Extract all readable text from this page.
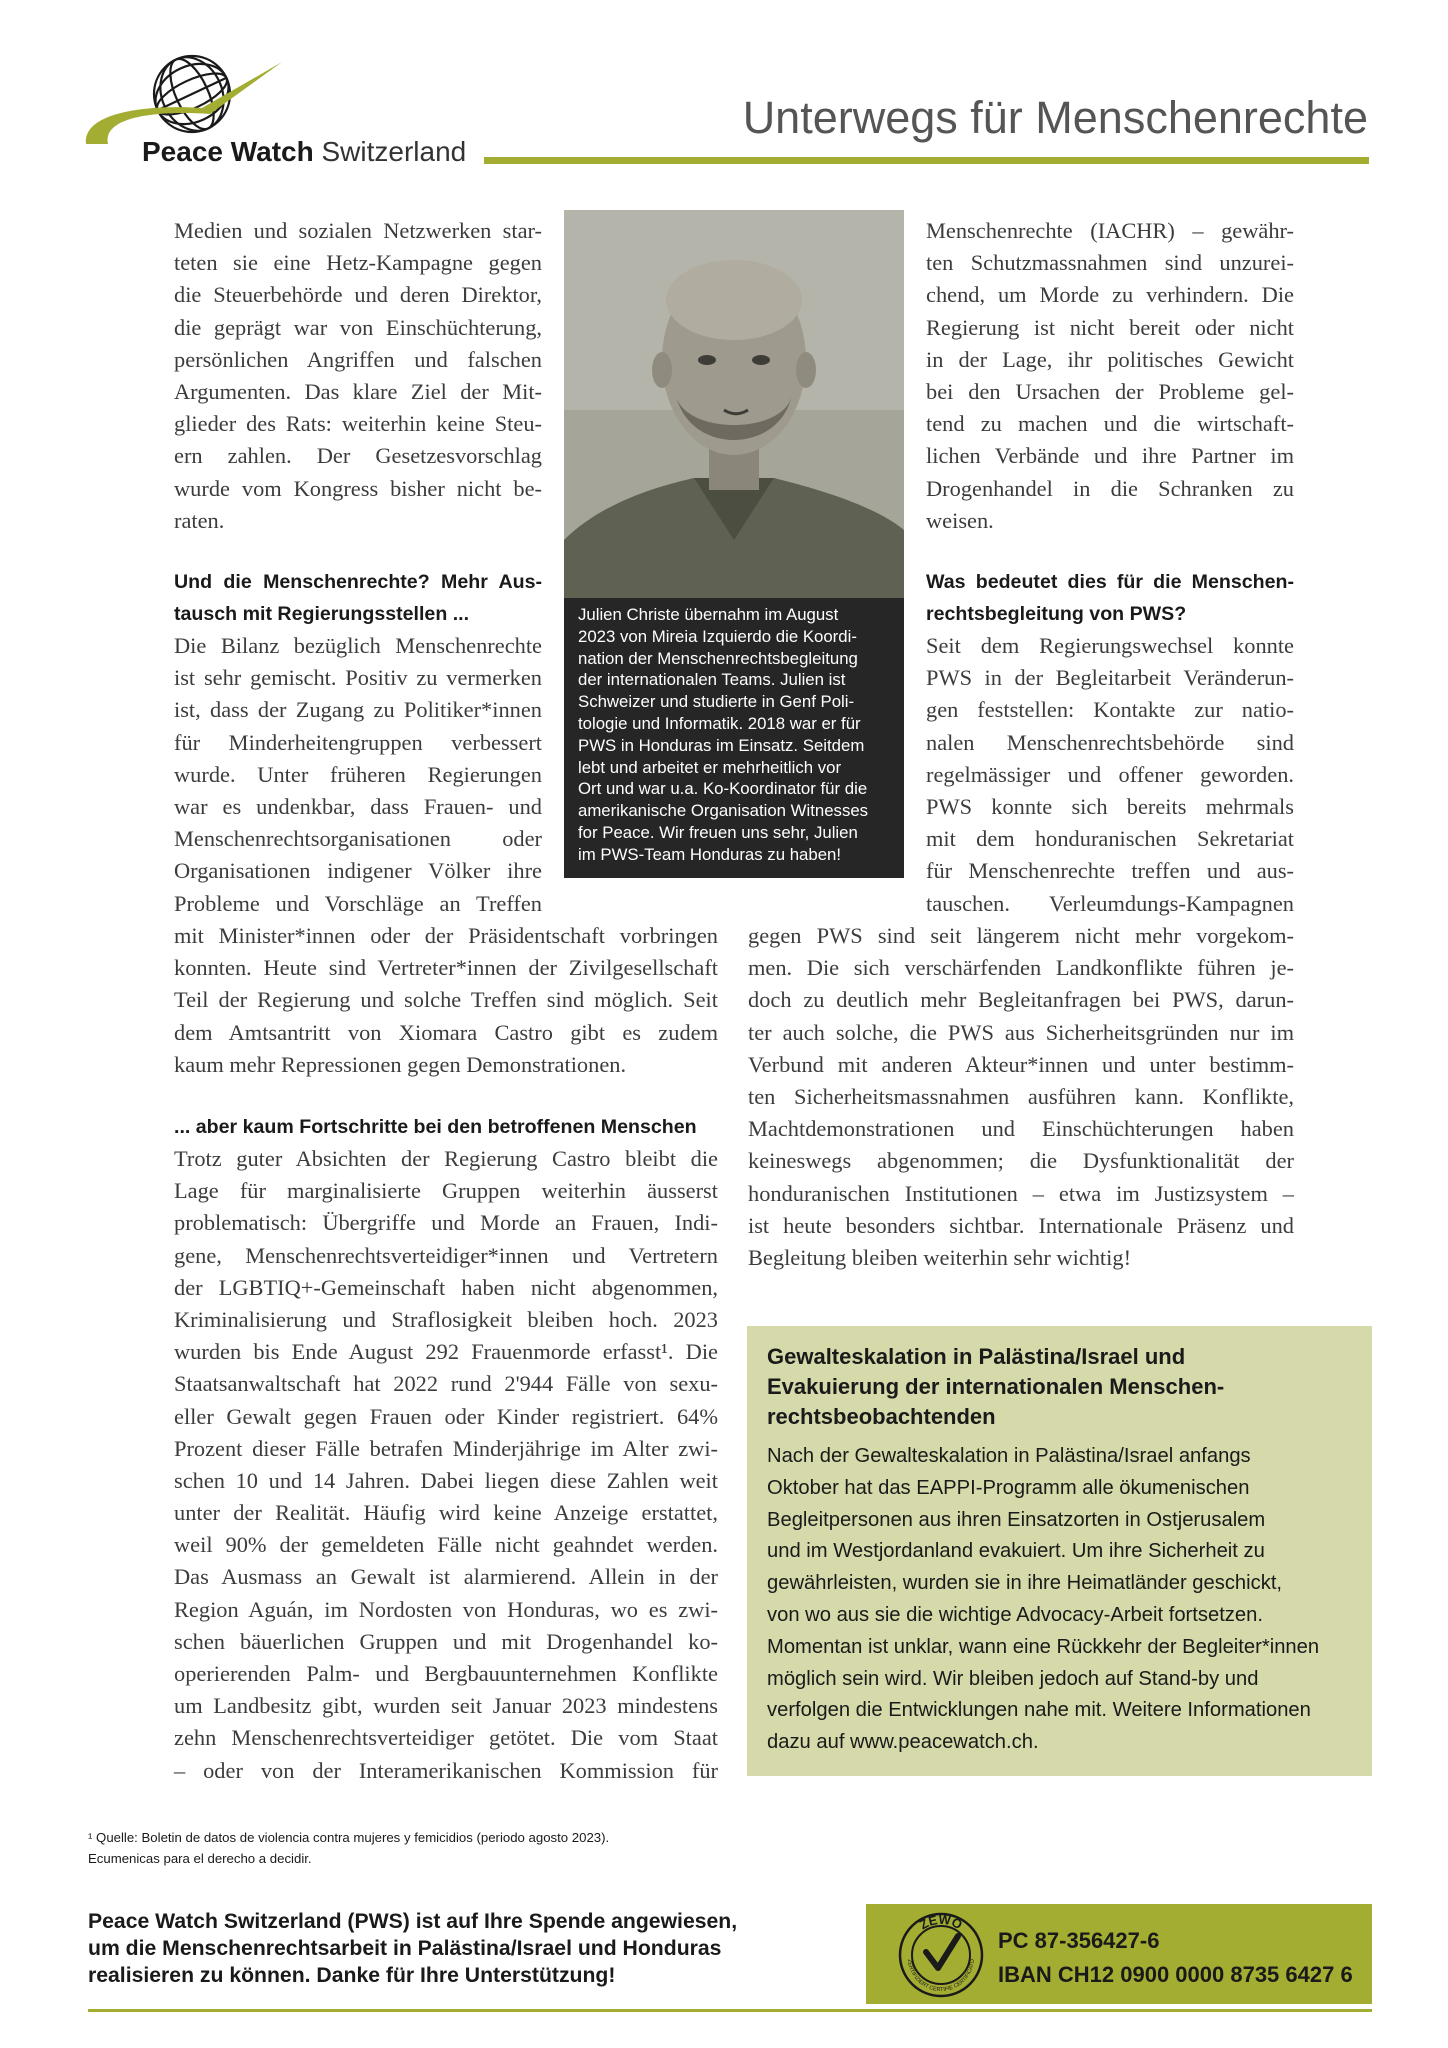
Peace Watch Switzerland
Unterwegs für Menschenrechte
Medien und sozialen Netzwerken star-
teten sie eine Hetz-Kampagne gegen
die Steuerbehörde und deren Direktor,
die geprägt war von Einschüchterung,
persönlichen Angriffen und falschen
Argumenten. Das klare Ziel der Mit-
glieder des Rats: weiterhin keine Steu-
ern zahlen. Der Gesetzesvorschlag
wurde vom Kongress bisher nicht be-
raten.
Und die Menschenrechte? Mehr Aus-
tausch mit Regierungsstellen ...
Die Bilanz bezüglich Menschenrechte
ist sehr gemischt. Positiv zu vermerken
ist, dass der Zugang zu Politiker*innen
für Minderheitengruppen verbessert
wurde. Unter früheren Regierungen
war es undenkbar, dass Frauen- und
Menschenrechtsorganisationen oder
Organisationen indigener Völker ihre
Probleme und Vorschläge an Treffen
mit Minister*innen oder der Präsidentschaft vorbringen
konnten. Heute sind Vertreter*innen der Zivilgesellschaft
Teil der Regierung und solche Treffen sind möglich. Seit
dem Amtsantritt von Xiomara Castro gibt es zudem
kaum mehr Repressionen gegen Demonstrationen.
... aber kaum Fortschritte bei den betroffenen Menschen
Trotz guter Absichten der Regierung Castro bleibt die
Lage für marginalisierte Gruppen weiterhin äusserst
problematisch: Übergriffe und Morde an Frauen, Indi-
gene, Menschenrechtsverteidiger*innen und Vertretern
der LGBTIQ+-Gemeinschaft haben nicht abgenommen,
Kriminalisierung und Straflosigkeit bleiben hoch. 2023
wurden bis Ende August 292 Frauenmorde erfasst¹. Die
Staatsanwaltschaft hat 2022 rund 2'944 Fälle von sexu-
eller Gewalt gegen Frauen oder Kinder registriert. 64%
Prozent dieser Fälle betrafen Minderjährige im Alter zwi-
schen 10 und 14 Jahren. Dabei liegen diese Zahlen weit
unter der Realität. Häufig wird keine Anzeige erstattet,
weil 90% der gemeldeten Fälle nicht geahndet werden.
Das Ausmass an Gewalt ist alarmierend. Allein in der
Region Aguán, im Nordosten von Honduras, wo es zwi-
schen bäuerlichen Gruppen und mit Drogenhandel ko-
operierenden Palm- und Bergbauunternehmen Konflikte
um Landbesitz gibt, wurden seit Januar 2023 mindestens
zehn Menschenrechtsverteidiger getötet. Die vom Staat
– oder von der Interamerikanischen Kommission für
Menschenrechte (IACHR) – gewähr-
ten Schutzmassnahmen sind unzurei-
chend, um Morde zu verhindern. Die
Regierung ist nicht bereit oder nicht
in der Lage, ihr politisches Gewicht
bei den Ursachen der Probleme gel-
tend zu machen und die wirtschaft-
lichen Verbände und ihre Partner im
Drogenhandel in die Schranken zu
weisen.
Was bedeutet dies für die Menschen-
rechtsbegleitung von PWS?
Seit dem Regierungswechsel konnte
PWS in der Begleitarbeit Veränderun-
gen feststellen: Kontakte zur natio-
nalen Menschenrechtsbehörde sind
regelmässiger und offener geworden.
PWS konnte sich bereits mehrmals
mit dem honduranischen Sekretariat
für Menschenrechte treffen und aus-
tauschen. Verleumdungs-Kampagnen
gegen PWS sind seit längerem nicht mehr vorgekom-
men. Die sich verschärfenden Landkonflikte führen je-
doch zu deutlich mehr Begleitanfragen bei PWS, darun-
ter auch solche, die PWS aus Sicherheitsgründen nur im
Verbund mit anderen Akteur*innen und unter bestimm-
ten Sicherheitsmassnahmen ausführen kann. Konflikte,
Machtdemonstrationen und Einschüchterungen haben
keineswegs abgenommen; die Dysfunktionalität der
honduranischen Institutionen – etwa im Justizsystem –
ist heute besonders sichtbar. Internationale Präsenz und
Begleitung bleiben weiterhin sehr wichtig!
Julien Christe übernahm im August
2023 von Mireia Izquierdo die Koordi-
nation der Menschenrechtsbegleitung
der internationalen Teams. Julien ist
Schweizer und studierte in Genf Poli-
tologie und Informatik. 2018 war er für
PWS in Honduras im Einsatz. Seitdem
lebt und arbeitet er mehrheitlich vor
Ort und war u.a. Ko-Koordinator für die
amerikanische Organisation Witnesses
for Peace. Wir freuen uns sehr, Julien
im PWS-Team Honduras zu haben!
Gewalteskalation in Palästina/Israel und
Evakuierung der internationalen Menschen-
rechtsbeobachtenden
Nach der Gewalteskalation in Palästina/Israel anfangs
Oktober hat das EAPPI-Programm alle ökumenischen
Begleitpersonen aus ihren Einsatzorten in Ostjerusalem
und im Westjordanland evakuiert. Um ihre Sicherheit zu
gewährleisten, wurden sie in ihre Heimatländer geschickt,
von wo aus sie die wichtige Advocacy-Arbeit fortsetzen.
Momentan ist unklar, wann eine Rückkehr der Begleiter*innen
möglich sein wird. Wir bleiben jedoch auf Stand-by und
verfolgen die Entwicklungen nahe mit. Weitere Informationen
dazu auf www.peacewatch.ch.
¹ Quelle: Boletin de datos de violencia contra mujeres y femicidios (periodo agosto 2023).
Ecumenicas para el derecho a decidir.
Peace Watch Switzerland (PWS) ist auf Ihre Spende angewiesen,
um die Menschenrechtsarbeit in Palästina/Israel und Honduras
realisieren zu können. Danke für Ihre Unterstützung!
ZEWO
ZERTIFIZIERT CERTIFIE CERTIFICATO
PC 87-356427-6
IBAN CH12 0900 0000 8735 6427 6
